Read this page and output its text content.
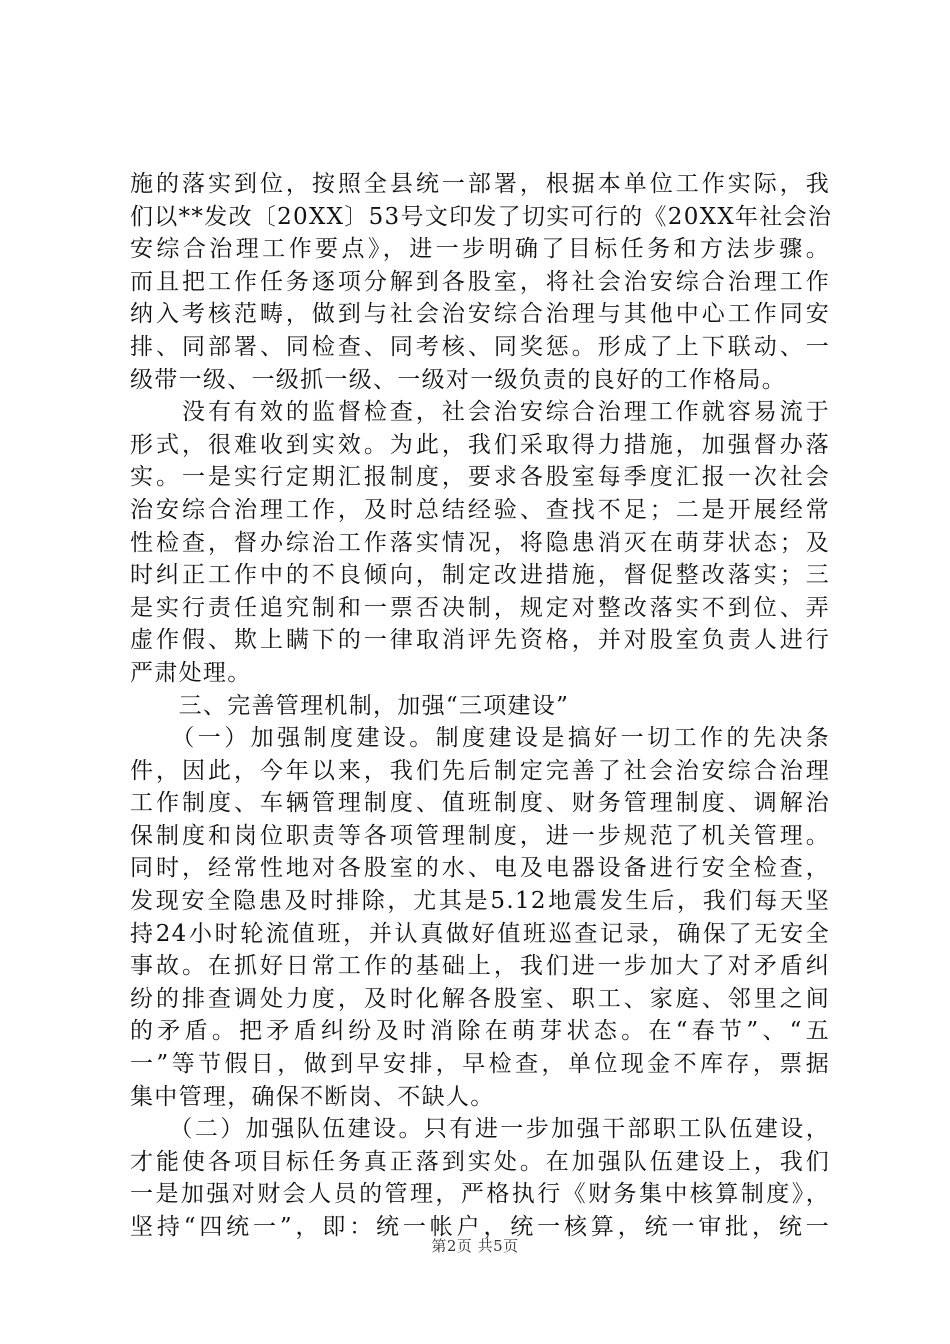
施的落实到位，按照全县统一部署，根据本单位工作实际，我
们以**发改〔20XX〕53号文印发了切实可行的《20XX年社会治
安综合治理工作要点》，进一步明确了目标任务和方法步骤。
而且把工作任务逐项分解到各股室，将社会治安综合治理工作
纳入考核范畴，做到与社会治安综合治理与其他中心工作同安
排、同部署、同检查、同考核、同奖惩。形成了上下联动、一
级带一级、一级抓一级、一级对一级负责的良好的工作格局。
　　没有有效的监督检查，社会治安综合治理工作就容易流于
形式，很难收到实效。为此，我们采取得力措施，加强督办落
实。一是实行定期汇报制度，要求各股室每季度汇报一次社会
治安综合治理工作，及时总结经验、查找不足；二是开展经常
性检查，督办综治工作落实情况，将隐患消灭在萌芽状态；及
时纠正工作中的不良倾向，制定改进措施，督促整改落实；三
是实行责任追究制和一票否决制，规定对整改落实不到位、弄
虚作假、欺上瞒下的一律取消评先资格，并对股室负责人进行
严肃处理。
　　三、完善管理机制，加强“三项建设”
　　（一）加强制度建设。制度建设是搞好一切工作的先决条
件，因此，今年以来，我们先后制定完善了社会治安综合治理
工作制度、车辆管理制度、值班制度、财务管理制度、调解治
保制度和岗位职责等各项管理制度，进一步规范了机关管理。
同时，经常性地对各股室的水、电及电器设备进行安全检查，
发现安全隐患及时排除，尤其是5.12地震发生后，我们每天坚
持24小时轮流值班，并认真做好值班巡查记录，确保了无安全
事故。在抓好日常工作的基础上，我们进一步加大了对矛盾纠
纷的排查调处力度，及时化解各股室、职工、家庭、邻里之间
的矛盾。把矛盾纠纷及时消除在萌芽状态。在“春节”、“五
一”等节假日，做到早安排，早检查，单位现金不库存，票据
集中管理，确保不断岗、不缺人。
　　（二）加强队伍建设。只有进一步加强干部职工队伍建设，
才能使各项目标任务真正落到实处。在加强队伍建设上，我们
一是加强对财会人员的管理，严格执行《财务集中核算制度》，
坚持“四统一”，即：统一帐户，统一核算，统一审批，统一
第2页 共5页
